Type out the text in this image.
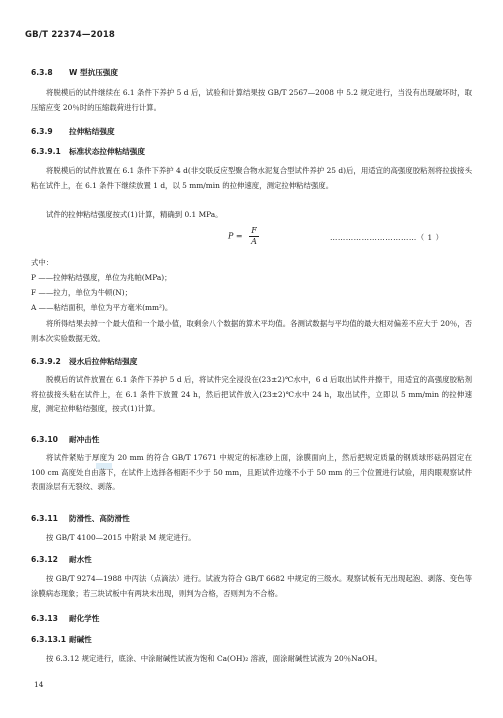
GB/T 22374—2018
6.3.8 W 型抗压强度
将脱模后的试件继续在 6.1 条件下养护 5 d 后，试验和计算结果按 GB/T 2567—2008 中 5.2 规定进行，当没有出现破坏时，取压缩应变 20％时的压缩载荷进行计算。
6.3.9 拉伸粘结强度
6.3.9.1 标准状态拉伸粘结强度
将脱模后的试件放置在 6.1 条件下养护 4 d(非交联反应型聚合物水泥复合型试件养护 25 d)后，用适宜的高强度胶粘剂将拉拔接头粘在试件上，在 6.1 条件下继续放置 1 d，以 5 mm/min 的拉伸速度，测定拉伸粘结强度。
试件的拉伸粘结强度按式(1)计算，精确到 0.1 MPa。
$P = \frac{F}{A}$	……………………………（ 1 ）
式中：
P ——拉伸粘结强度，单位为兆帕(MPa)；
F ——拉力，单位为牛顿(N)；
A ——粘结面积，单位为平方毫米(mm²)。
将所得结果去掉一个最大值和一个最小值，取剩余八个数据的算术平均值。各测试数据与平均值的最大相对偏差不应大于 20％，否则本次实验数据无效。
6.3.9.2 浸水后拉伸粘结强度
脱模后的试件放置在 6.1 条件下养护 5 d 后，将试件完全浸没在(23±2)℃水中，6 d 后取出试件并擦干，用适宜的高强度胶粘剂将拉拔接头粘在试件上，在 6.1 条件下放置 24 h，然后把试件放入(23±2)℃水中 24 h，取出试件，立即以 5 mm/min 的拉伸速度，测定拉伸粘结强度，按式(1)计算。
6.3.10 耐冲击性
将试件紧贴于厚度为 20 mm 的符合 GB/T 17671 中规定的标准砂上面，涂膜面向上，然后把规定质量的钢质球形砝码固定在 100 cm 高度处自由落下，在试件上选择各相距不少于 50 mm，且距试件边缘不小于 50 mm 的三个位置进行试验，用肉眼观察试件表面涂层有无裂纹、剥落。
6.3.11 防滑性、高防滑性
按 GB/T 4100—2015 中附录 M 规定进行。
6.3.12 耐水性
按 GB/T 9274—1988 中丙法（点滴法）进行。试液为符合 GB/T 6682 中规定的三级水。观察试板有无出现起泡、剥落、变色等涂膜病态现象；若三块试板中有两块未出现，则判为合格，否则判为不合格。
6.3.13 耐化学性
6.3.13.1 耐碱性
按 6.3.12 规定进行，底涂、中涂耐碱性试液为饱和 Ca(OH)₂ 溶液，面涂耐碱性试液为 20％NaOH。
14
